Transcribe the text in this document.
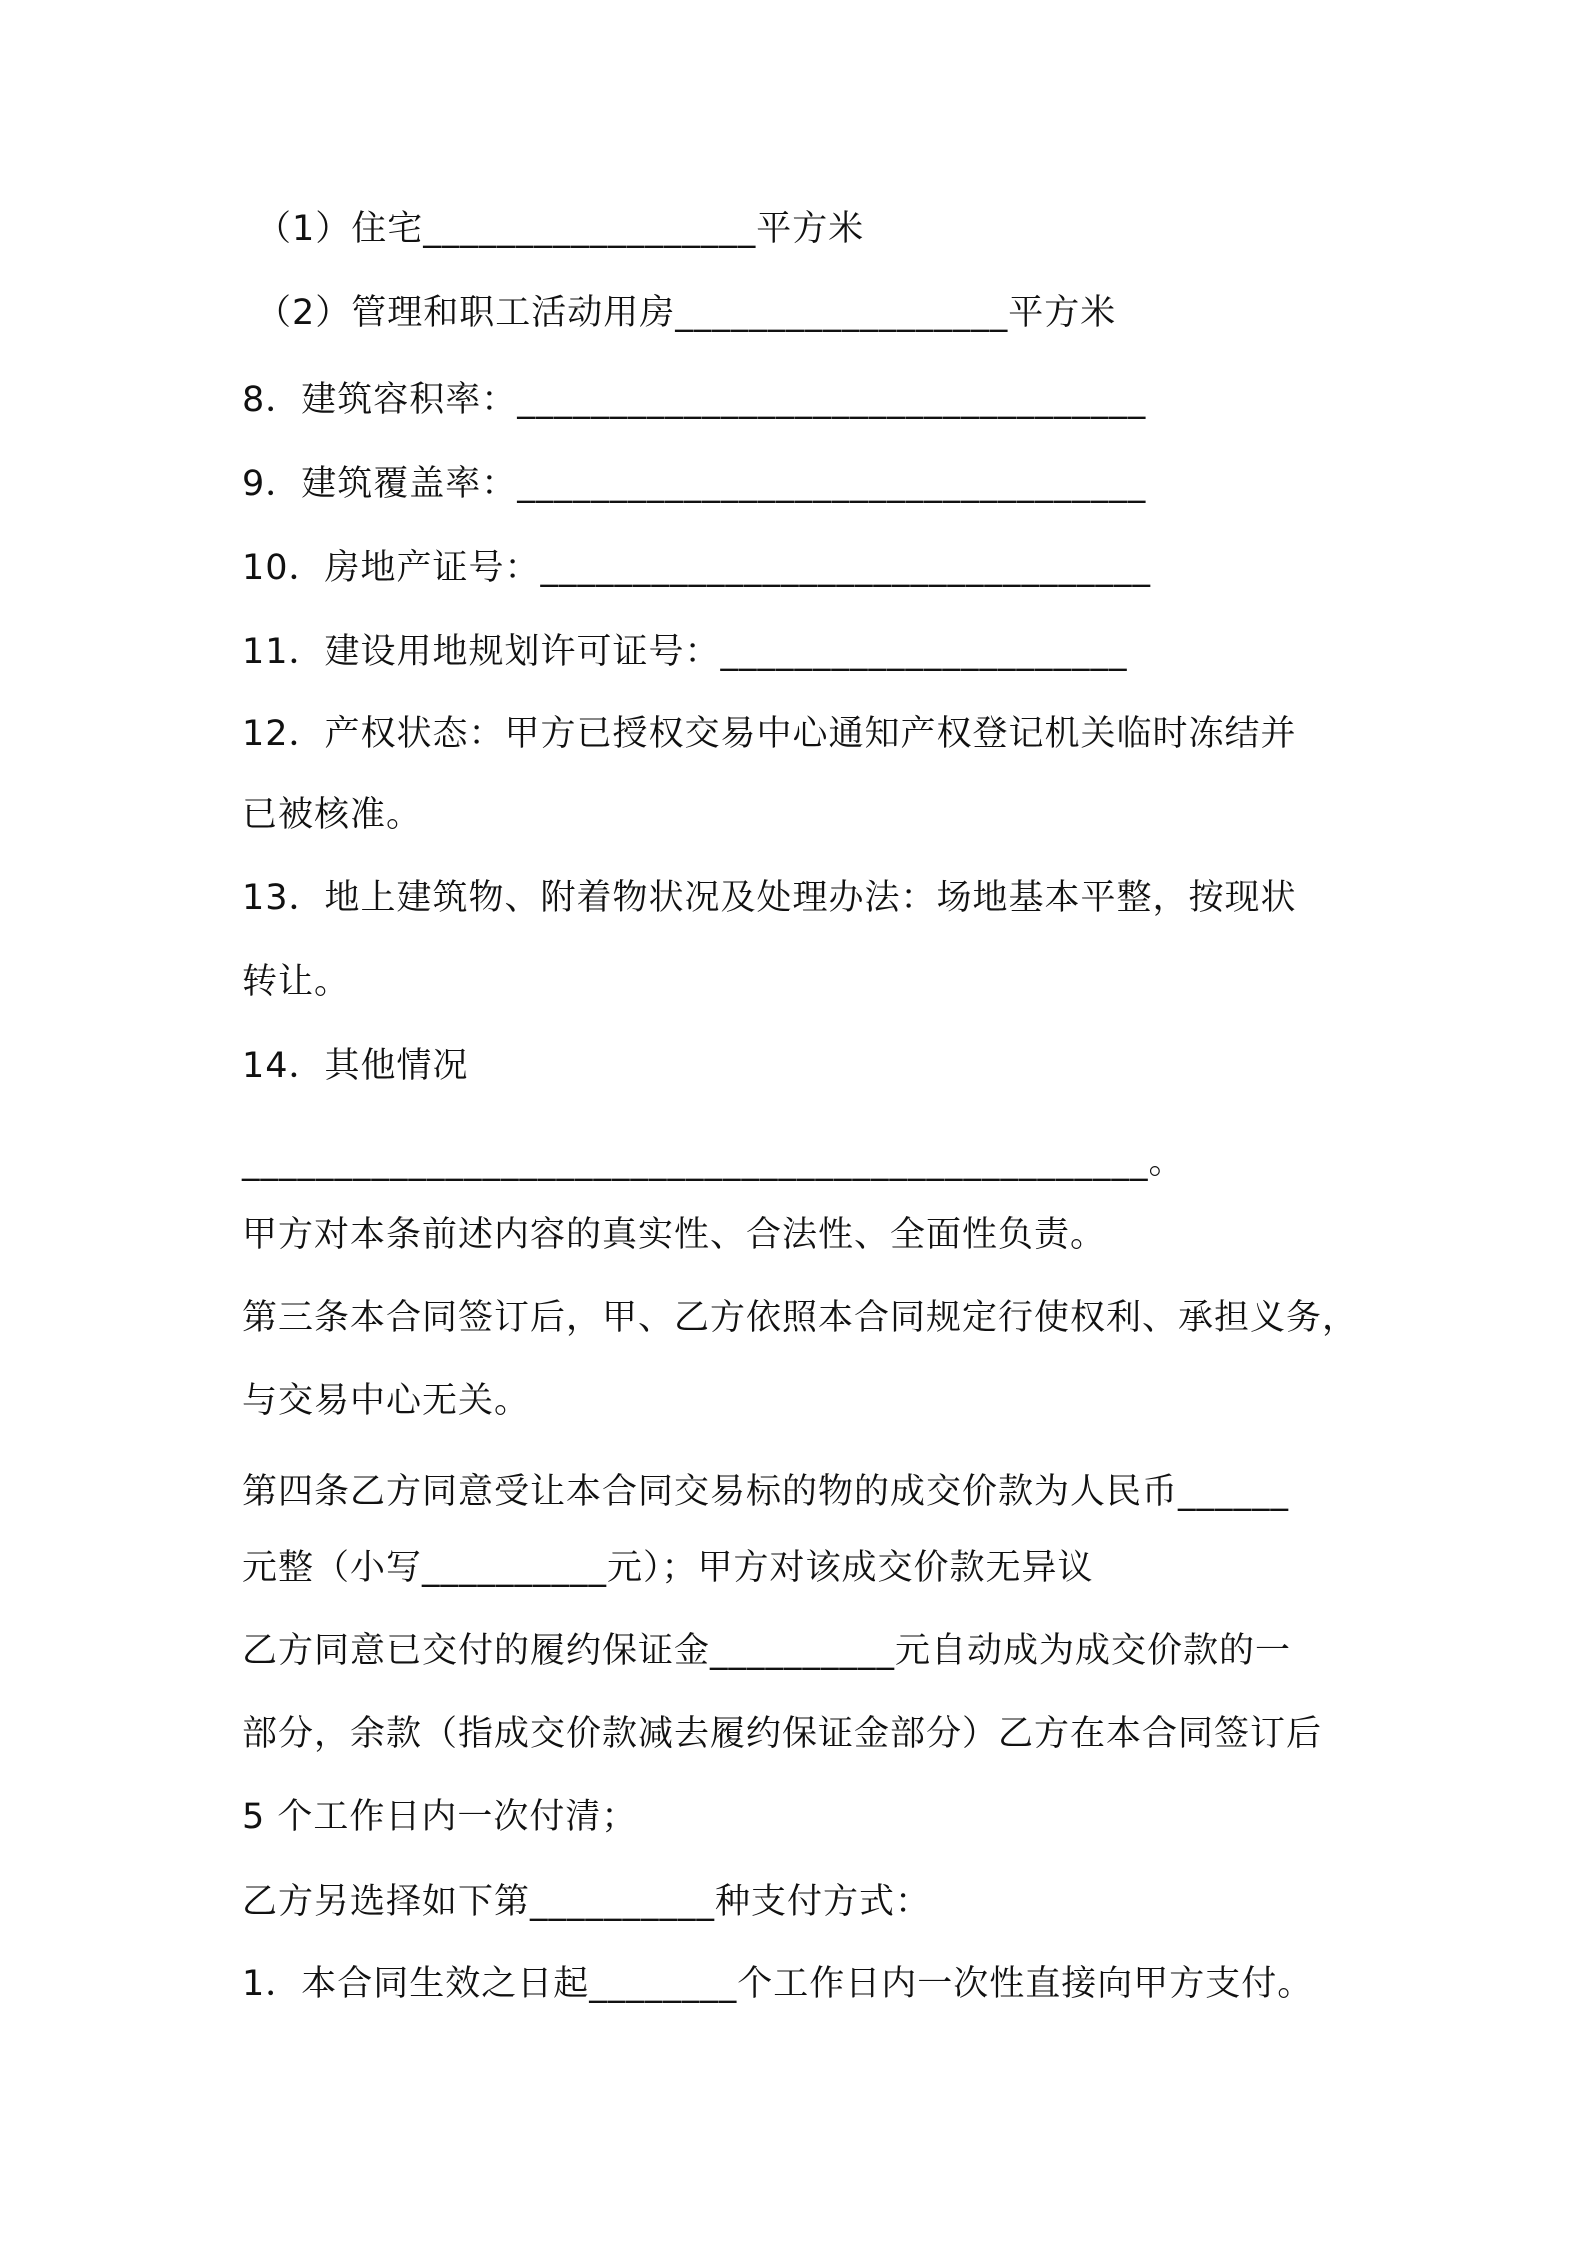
（1）住宅__________________平方米
（2）管理和职工活动用房__________________平方米
8．建筑容积率：__________________________________
9．建筑覆盖率：__________________________________
10．房地产证号：_________________________________
11．建设用地规划许可证号：______________________
12．产权状态：甲方已授权交易中心通知产权登记机关临时冻结并
已被核准。
13．地上建筑物、附着物状况及处理办法：场地基本平整，按现状
转让。
14．其他情况
_________________________________________________。
甲方对本条前述内容的真实性、合法性、全面性负责。
第三条本合同签订后，甲、乙方依照本合同规定行使权利、承担义务，
与交易中心无关。
第四条乙方同意受让本合同交易标的物的成交价款为人民币______
元整（小写__________元）；甲方对该成交价款无异议
乙方同意已交付的履约保证金__________元自动成为成交价款的一
部分，余款（指成交价款减去履约保证金部分）乙方在本合同签订后
5 个工作日内一次付清；
乙方另选择如下第__________种支付方式：
1．本合同生效之日起________个工作日内一次性直接向甲方支付。
